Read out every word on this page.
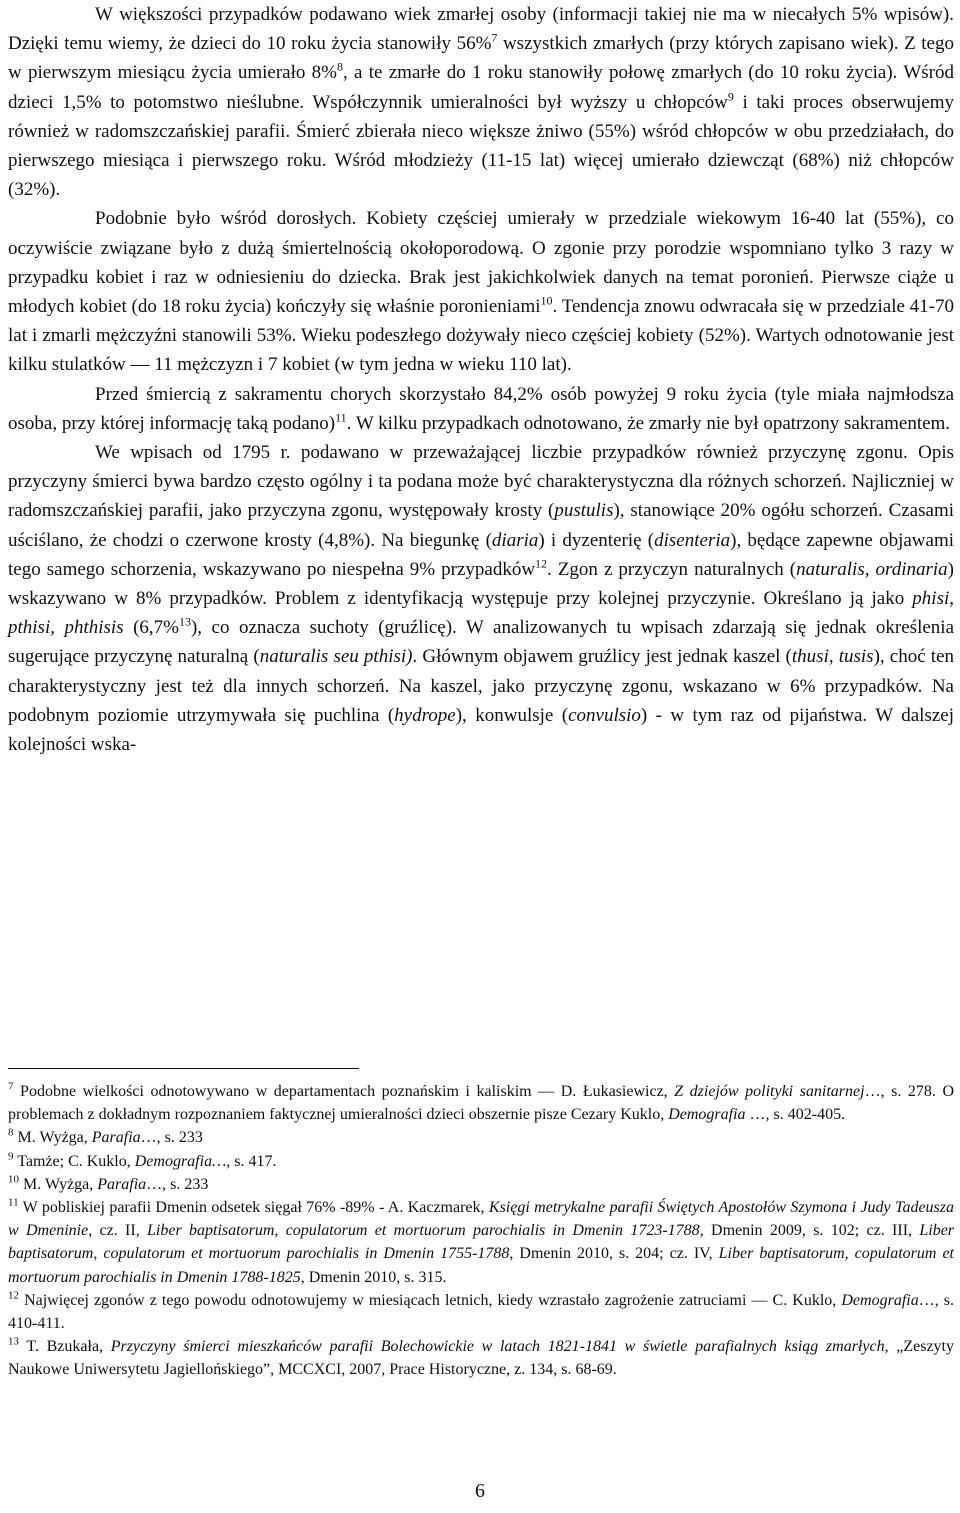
W większości przypadków podawano wiek zmarłej osoby (informacji takiej nie ma w niecałych 5% wpisów). Dzięki temu wiemy, że dzieci do 10 roku życia stanowiły 56%$^7$ wszystkich zmarłych (przy których zapisano wiek). Z tego w pierwszym miesiącu życia umierało 8%$^8$, a te zmarłe do 1 roku stanowiły połowę zmarłych (do 10 roku życia). Wśród dzieci 1,5% to potomstwo nieślubne. Współczynnik umieralności był wyższy u chłopców$^9$ i taki proces obserwujemy również w radomszczańskiej parafii. Śmierć zbierała nieco większe żniwo (55%) wśród chłopców w obu przedziałach, do pierwszego miesiąca i pierwszego roku. Wśród młodzieży (11-15 lat) więcej umierało dziewcząt (68%) niż chłopców (32%).

Podobnie było wśród dorosłych. Kobiety częściej umierały w przedziale wiekowym 16-40 lat (55%), co oczywiście związane było z dużą śmiertelnością okołoporodową. O zgonie przy porodzie wspomniano tylko 3 razy w przypadku kobiet i raz w odniesieniu do dziecka. Brak jest jakichkolwiek danych na temat poronień. Pierwsze ciąże u młodych kobiet (do 18 roku życia) kończyły się właśnie poronieniami$^{10}$. Tendencja znowu odwracała się w przedziale 41-70 lat i zmarli mężczyźni stanowili 53%. Wieku podeszłego dożywały nieco częściej kobiety (52%). Wartych odnotowanie jest kilku stulatków — 11 mężczyzn i 7 kobiet (w tym jedna w wieku 110 lat).

Przed śmiercią z sakramentu chorych skorzystało 84,2% osób powyżej 9 roku życia (tyle miała najmłodsza osoba, przy której informację taką podano)$^{11}$. W kilku przypadkach odnotowano, że zmarły nie był opatrzony sakramentem.

We wpisach od 1795 r. podawano w przeważającej liczbie przypadków również przyczynę zgonu. Opis przyczyny śmierci bywa bardzo często ogólny i ta podana może być charakterystyczna dla różnych schorzeń. Najliczniej w radomszczańskiej parafii, jako przyczyna zgonu, występowały krosty (pustulis), stanowiące 20% ogółu schorzeń. Czasami uściślano, że chodzi o czerwone krosty (4,8%). Na biegunkę (diaria) i dyzenterię (disenteria), będące zapewne objawami tego samego schorzenia, wskazywano po niespełna 9% przypadków$^{12}$. Zgon z przyczyn naturalnych (naturalis, ordinaria) wskazywano w 8% przypadków. Problem z identyfikacją występuje przy kolejnej przyczynie. Określano ją jako phisi, pthisi, phthisis (6,7%$^{13}$), co oznacza suchoty (gruźlicę). W analizowanych tu wpisach zdarzają się jednak określenia sugerujące przyczynę naturalną (naturalis seu pthisi). Głównym objawem gruźlicy jest jednak kaszel (thusi, tusis), choć ten charakterystyczny jest też dla innych schorzeń. Na kaszel, jako przyczynę zgonu, wskazano w 6% przypadków. Na podobnym poziomie utrzymywała się puchlina (hydrope), konwulsje (convulsio) - w tym raz od pijaństwa. W dalszej kolejności wska-

$^7$ Podobne wielkości odnotowywano w departamentach poznańskim i kaliskim — D. Łukasiewicz, Z dziejów polityki sanitarnej…, s. 278. O problemach z dokładnym rozpoznaniem faktycznej umieralności dzieci obszernie pisze Cezary Kuklo, Demografia …, s. 402-405.

$^8$ M. Wyżga, Parafia…, s. 233

$^9$ Tamże; C. Kuklo, Demografia…, s. 417.

$^{10}$ M. Wyżga, Parafia…, s. 233

$^{11}$ W pobliskiej parafii Dmenin odsetek sięgał 76% -89% - A. Kaczmarek, Księgi metrykalne parafii Świętych Apostołów Szymona i Judy Tadeusza w Dmeninie, cz. II, Liber baptisatorum, copulatorum et mortuorum parochialis in Dmenin 1723-1788, Dmenin 2009, s. 102; cz. III, Liber baptisatorum, copulatorum et mortuorum parochialis in Dmenin 1755-1788, Dmenin 2010, s. 204; cz. IV, Liber baptisatorum, copulatorum et mortuorum parochialis in Dmenin 1788-1825, Dmenin 2010, s. 315.

$^{12}$ Najwięcej zgonów z tego powodu odnotowujemy w miesiącach letnich, kiedy wzrastało zagrożenie zatruciami — C. Kuklo, Demografia…, s. 410-411.

$^{13}$ T. Bzukała, Przyczyny śmierci mieszkańców parafii Bolechowickie w latach 1821-1841 w świetle parafialnych ksiąg zmarłych, „Zeszyty Naukowe Uniwersytetu Jagiellońskiego”, MCCXCI, 2007, Prace Historyczne, z. 134, s. 68-69.

6
